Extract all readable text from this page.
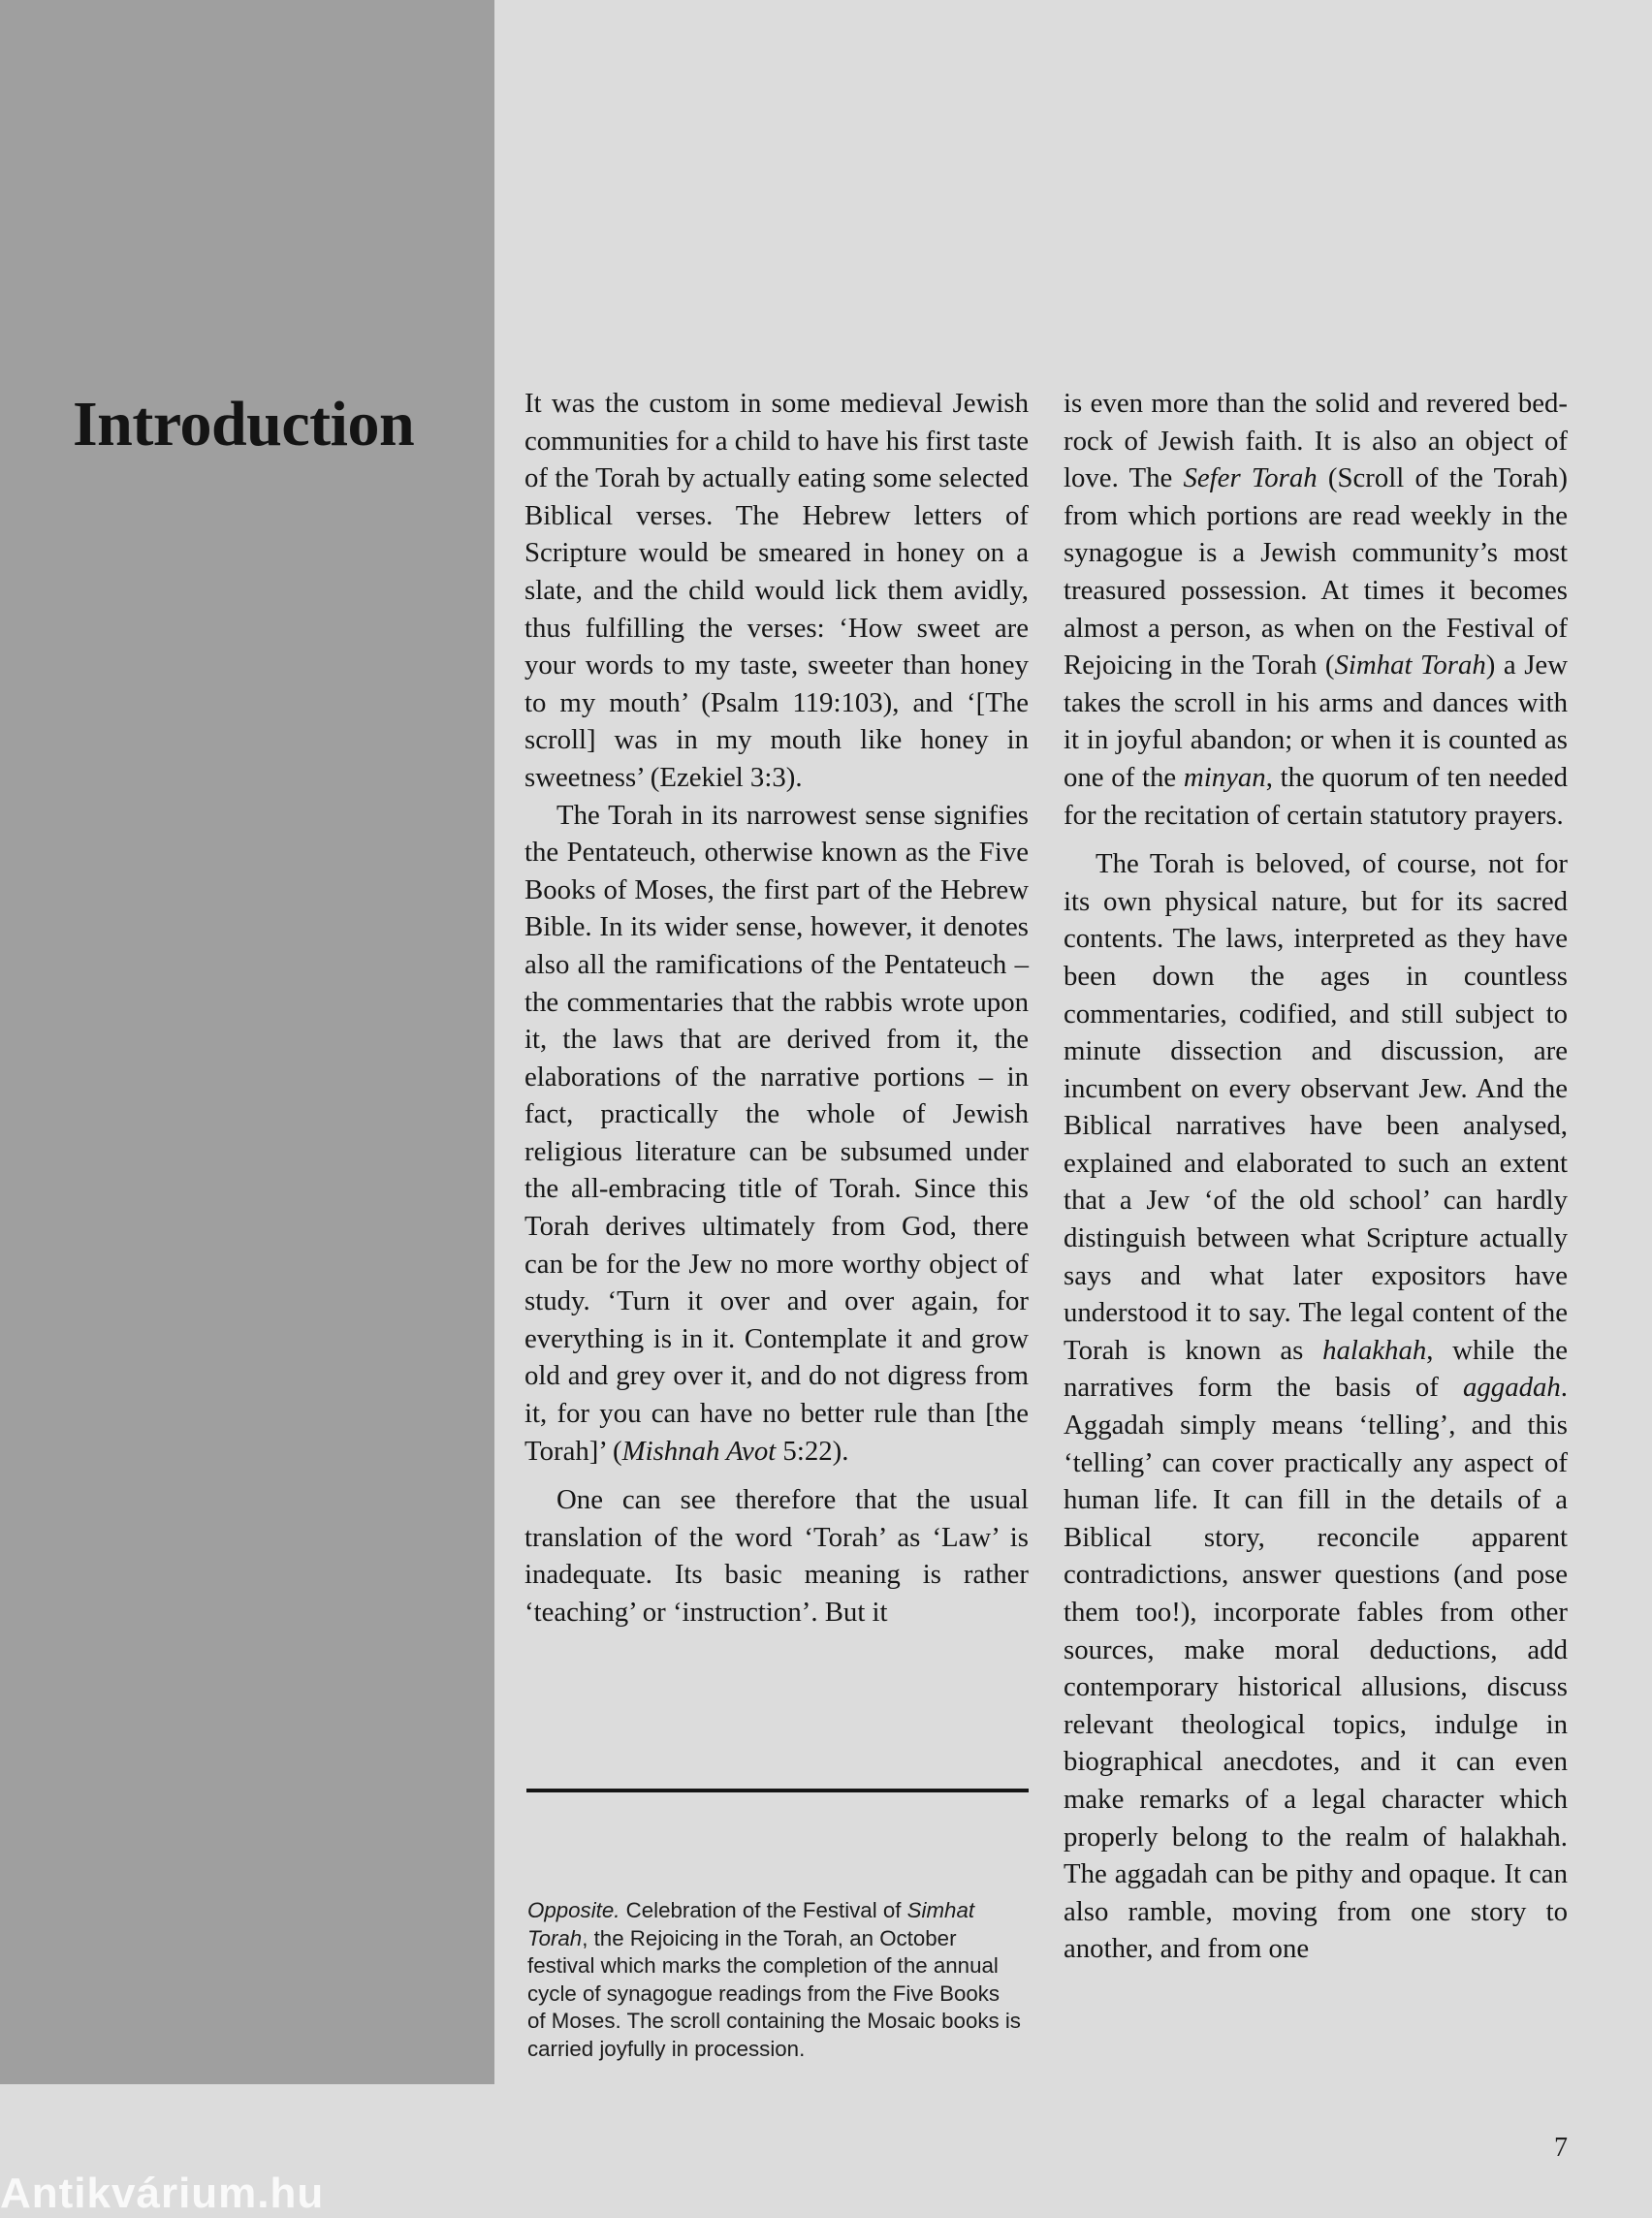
Introduction	It was the custom in some medieval Jewish communities for a child to have his first taste of the Torah by actually eating some selected Biblical verses. The Hebrew letters of Scripture would be smeared in honey on a slate, and the child would lick them avidly, thus fulfilling the verses: ‘How sweet are your words to my taste, sweeter than honey to my mouth’ (Psalm 119:103), and ‘[The scroll] was in my mouth like honey in sweetness’ (Ezekiel 3:3).

The Torah in its narrowest sense signifies the Pentateuch, otherwise known as the Five Books of Moses, the first part of the Hebrew Bible. In its wider sense, however, it denotes also all the ramifications of the Pentateuch – the commentaries that the rabbis wrote upon it, the laws that are derived from it, the elaborations of the narrative portions – in fact, practically the whole of Jewish religious literature can be subsumed under the all-embracing title of Torah. Since this Torah derives ultimately from God, there can be for the Jew no more worthy object of study. ‘Turn it over and over again, for everything is in it. Contemplate it and grow old and grey over it, and do not digress from it, for you can have no better rule than [the Torah]’ (Mishnah Avot 5:22).

One can see therefore that the usual translation of the word ‘Torah’ as ‘Law’ is inadequate. Its basic meaning is rather ‘teaching’ or ‘instruction’. But it

Opposite. Celebration of the Festival of Simhat Torah, the Rejoicing in the Torah, an October festival which marks the completion of the annual cycle of synagogue readings from the Five Books of Moses. The scroll containing the Mosaic books is carried joyfully in procession.

is even more than the solid and revered bed-rock of Jewish faith. It is also an object of love. The Sefer Torah (Scroll of the Torah) from which portions are read weekly in the synagogue is a Jewish community’s most treasured possession. At times it becomes almost a person, as when on the Festival of Rejoicing in the Torah (Simhat Torah) a Jew takes the scroll in his arms and dances with it in joyful abandon; or when it is counted as one of the minyan, the quorum of ten needed for the recitation of certain statutory prayers.

The Torah is beloved, of course, not for its own physical nature, but for its sacred contents. The laws, interpreted as they have been down the ages in countless commentaries, codified, and still subject to minute dissection and discussion, are incumbent on every observant Jew. And the Biblical narratives have been analysed, explained and elaborated to such an extent that a Jew ‘of the old school’ can hardly distinguish between what Scripture actually says and what later expositors have understood it to say. The legal content of the Torah is known as halakhah, while the narratives form the basis of aggadah. Aggadah simply means ‘telling’, and this ‘telling’ can cover practically any aspect of human life. It can fill in the details of a Biblical story, reconcile apparent contradictions, answer questions (and pose them too!), incorporate fables from other sources, make moral deductions, add contemporary historical allusions, discuss relevant theological topics, indulge in biographical anecdotes, and it can even make remarks of a legal character which properly belong to the realm of halakhah. The aggadah can be pithy and opaque. It can also ramble, moving from one story to another, and from one

7
Antikvárium.hu
